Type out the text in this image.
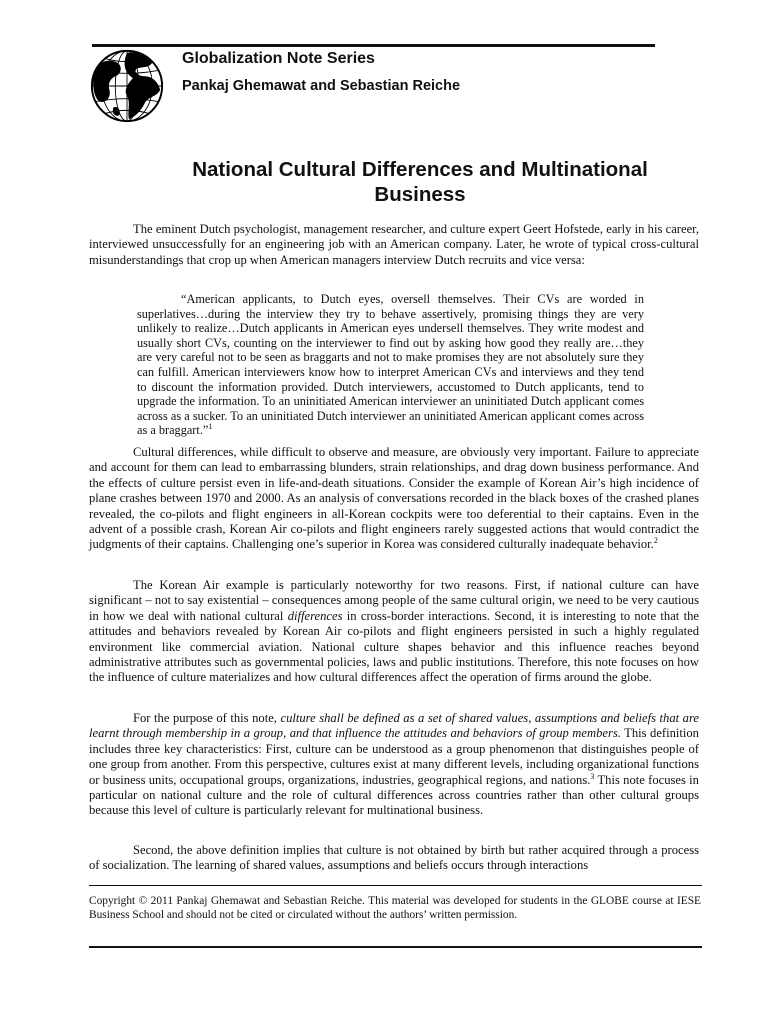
Globalization Note Series
Pankaj Ghemawat and Sebastian Reiche
National Cultural Differences and Multinational
Business

The eminent Dutch psychologist, management researcher, and culture expert Geert Hofstede, early in his career, interviewed unsuccessfully for an engineering job with an American company. Later, he wrote of typical cross-cultural misunderstandings that crop up when American managers interview Dutch recruits and vice versa:

“American applicants, to Dutch eyes, oversell themselves. Their CVs are worded in superlatives…during the interview they try to behave assertively, promising things they are very unlikely to realize…Dutch applicants in American eyes undersell themselves. They write modest and usually short CVs, counting on the interviewer to find out by asking how good they really are…they are very careful not to be seen as braggarts and not to make promises they are not absolutely sure they can fulfill. American interviewers know how to interpret American CVs and interviews and they tend to discount the information provided. Dutch interviewers, accustomed to Dutch applicants, tend to upgrade the information. To an uninitiated American interviewer an uninitiated Dutch applicant comes across as a sucker. To an uninitiated Dutch interviewer an uninitiated American applicant comes across as a braggart.”$^1$

Cultural differences, while difficult to observe and measure, are obviously very important. Failure to appreciate and account for them can lead to embarrassing blunders, strain relationships, and drag down business performance. And the effects of culture persist even in life-and-death situations. Consider the example of Korean Air’s high incidence of plane crashes between 1970 and 2000. As an analysis of conversations recorded in the black boxes of the crashed planes revealed, the co-pilots and flight engineers in all-Korean cockpits were too deferential to their captains. Even in the advent of a possible crash, Korean Air co-pilots and flight engineers rarely suggested actions that would contradict the judgments of their captains. Challenging one’s superior in Korea was considered culturally inadequate behavior.$^2$

The Korean Air example is particularly noteworthy for two reasons. First, if national culture can have significant – not to say existential – consequences among people of the same cultural origin, we need to be very cautious in how we deal with national cultural differences in cross-border interactions. Second, it is interesting to note that the attitudes and behaviors revealed by Korean Air co-pilots and flight engineers persisted in such a highly regulated environment like commercial aviation. National culture shapes behavior and this influence reaches beyond administrative attributes such as governmental policies, laws and public institutions. Therefore, this note focuses on how the influence of culture materializes and how cultural differences affect the operation of firms around the globe.

For the purpose of this note, culture shall be defined as a set of shared values, assumptions and beliefs that are learnt through membership in a group, and that influence the attitudes and behaviors of group members. This definition includes three key characteristics: First, culture can be understood as a group phenomenon that distinguishes people of one group from another. From this perspective, cultures exist at many different levels, including organizational functions or business units, occupational groups, organizations, industries, geographical regions, and nations.$^3$ This note focuses in particular on national culture and the role of cultural differences across countries rather than other cultural groups because this level of culture is particularly relevant for multinational business.

Second, the above definition implies that culture is not obtained by birth but rather acquired through a process of socialization. The learning of shared values, assumptions and beliefs occurs through interactions

Copyright © 2011 Pankaj Ghemawat and Sebastian Reiche. This material was developed for students in the GLOBE course at IESE Business School and should not be cited or circulated without the authors’ written permission.
